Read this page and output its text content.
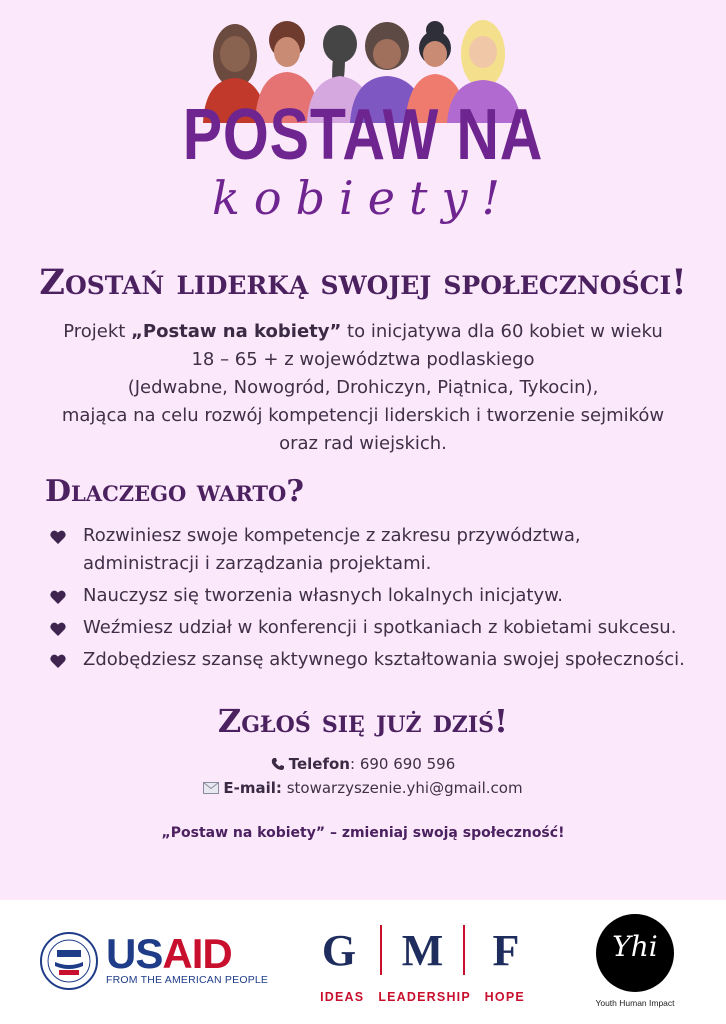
POSTAW NA
kobiety!
Zostań liderką swojej społeczności!
Projekt „Postaw na kobiety” to inicjatywa dla 60 kobiet w wieku
18 – 65 + z województwa podlaskiego
(Jedwabne, Nowogród, Drohiczyn, Piątnica, Tykocin),
mająca na celu rozwój kompetencji liderskich i tworzenie sejmików
oraz rad wiejskich.
Dlaczego warto?
Rozwiniesz swoje kompetencje z zakresu przywództwa, administracji i zarządzania projektami.
Nauczysz się tworzenia własnych lokalnych inicjatyw.
Weźmiesz udział w konferencji i spotkaniach z kobietami sukcesu.
Zdobędziesz szansę aktywnego kształtowania swojej społeczności.
Zgłoś się już dziś!
Telefon: 690 690 596
E-mail: stowarzyszenie.yhi@gmail.com
„Postaw na kobiety” – zmieniaj swoją społeczność!
USAID
FROM THE AMERICAN PEOPLE
G M F
IDEAS   LEADERSHIP   HOPE
Yhi
Youth Human Impact
